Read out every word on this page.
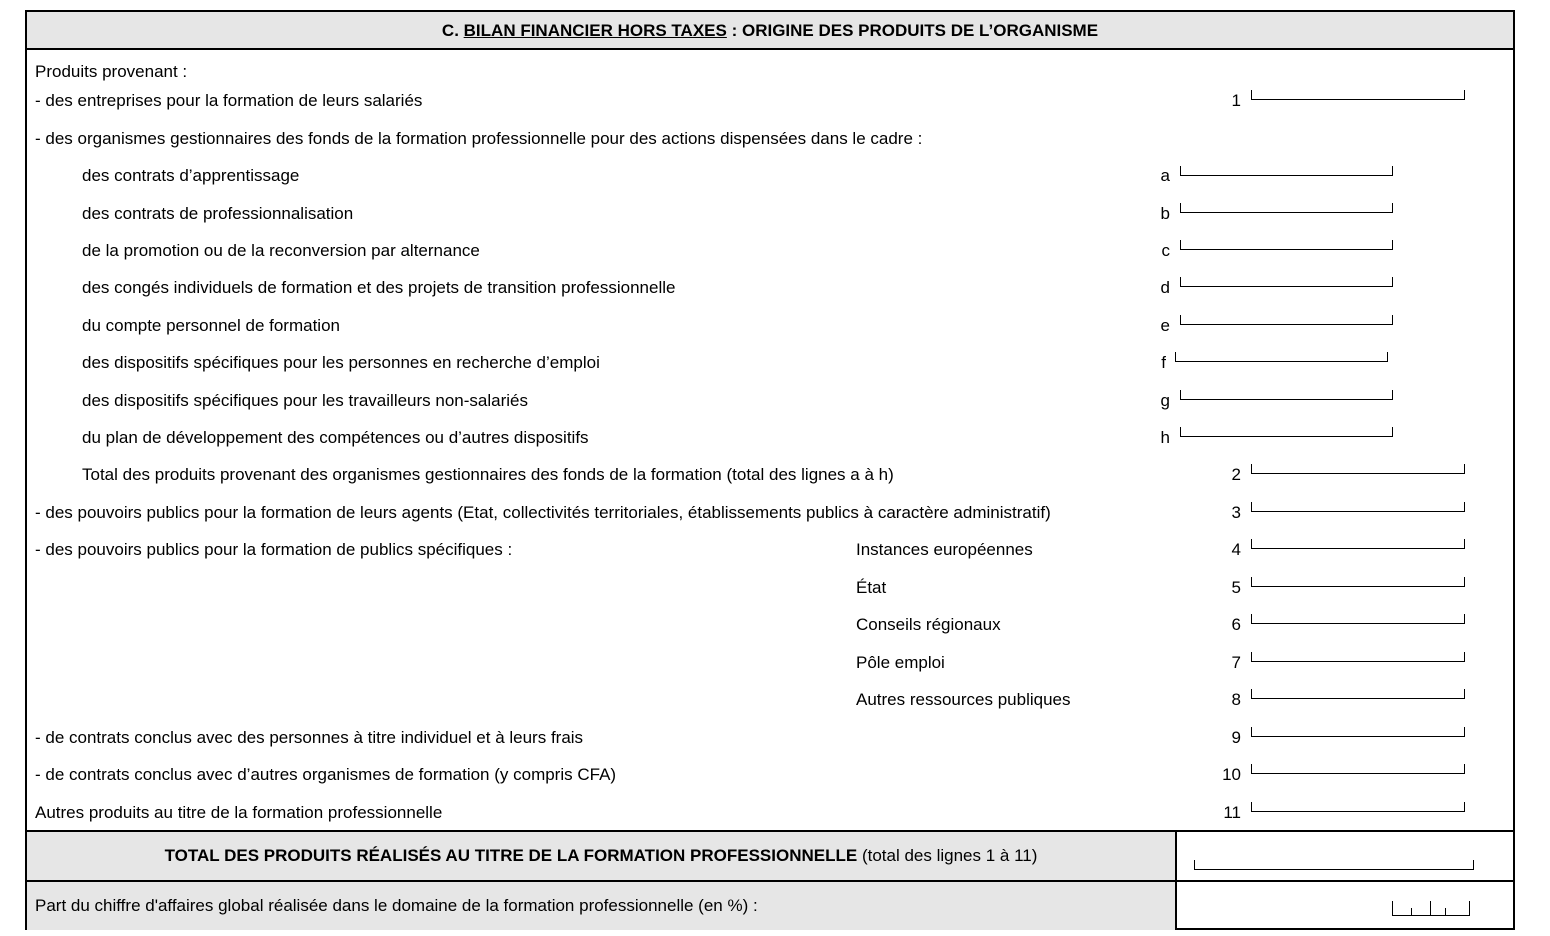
C. BILAN FINANCIER HORS TAXES : ORIGINE DES PRODUITS DE L’ORGANISME
Produits provenant :
- des entreprises pour la formation de leurs salariés	1
- des organismes gestionnaires des fonds de la formation professionnelle pour des actions dispensées dans le cadre :
des contrats d’apprentissage	a
des contrats de professionnalisation	b
de la promotion ou de la reconversion par alternance	c
des congés individuels de formation et des projets de transition professionnelle	d
du compte personnel de formation	e
des dispositifs spécifiques pour les personnes en recherche d’emploi	f
des dispositifs spécifiques pour les travailleurs non-salariés	g
du plan de développement des compétences ou d’autres dispositifs	h
Total des produits provenant des organismes gestionnaires des fonds de la formation (total des lignes a à h)	2
- des pouvoirs publics pour la formation de leurs agents (Etat, collectivités territoriales, établissements publics à caractère administratif)	3
- des pouvoirs publics pour la formation de publics spécifiques :	Instances européennes	4
État	5
Conseils régionaux	6
Pôle emploi	7
Autres ressources publiques	8
- de contrats conclus avec des personnes à titre individuel et à leurs frais	9
- de contrats conclus avec d’autres organismes de formation (y compris CFA)	10
Autres produits au titre de la formation professionnelle	11
TOTAL DES PRODUITS RÉALISÉS AU TITRE DE LA FORMATION PROFESSIONNELLE (total des lignes 1 à 11)
Part du chiffre d'affaires global réalisée dans le domaine de la formation professionnelle (en %) :
